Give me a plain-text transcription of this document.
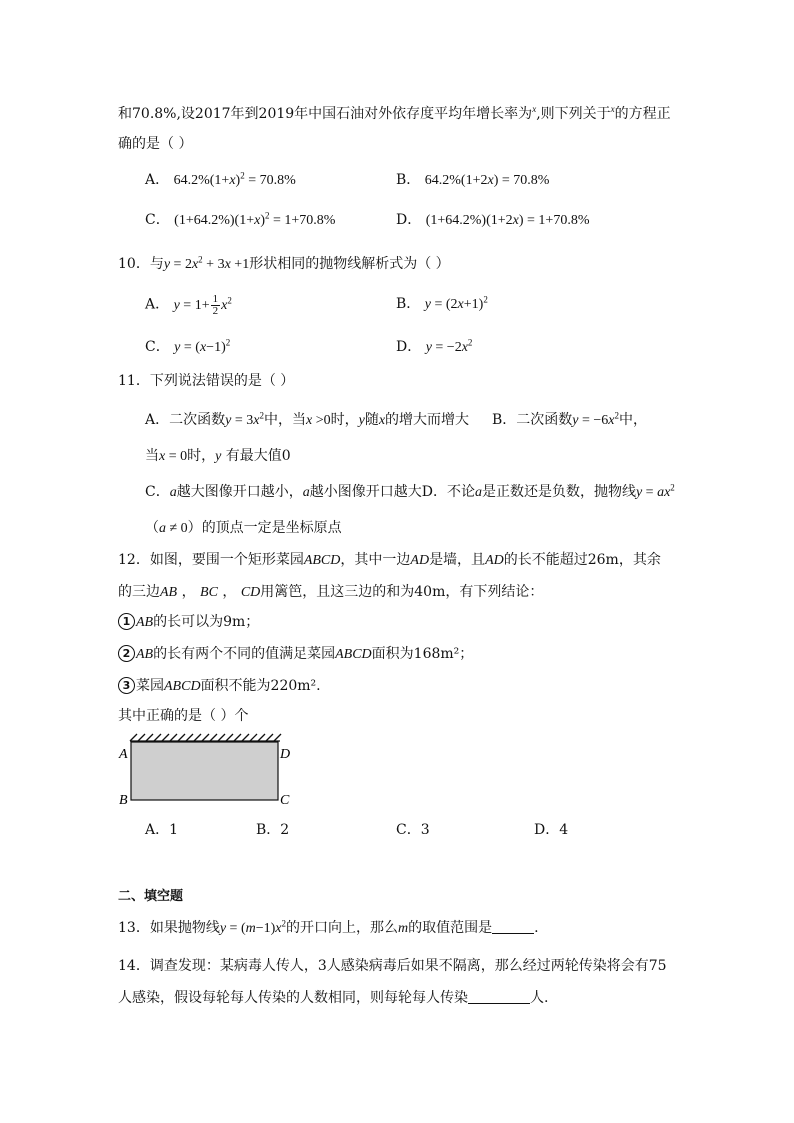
和70.8%,设2017年到2019年中国石油对外依存度平均年增长率为$^x$,则下列关于$^x$的方程正
确的是（ ）
A． $64.2\%(1+x)^2 = 70.8\%$	B． 64.2%(1+2x) = 70.8%
C． $(1+64.2\%)(1+x)^2 = 1+70.8\%$	D． (1+64.2%)(1+2x) = 1+70.8%
10．与$y = 2x^2 + 3x +1$形状相同的抛物线解析式为（ ）
A． $y = 1+ \frac{1}{2} x^2$	B． $y = (2x+1)^2$
C． $y = (x-1)^2$	D． $y = -2x^2$
11．下列说法错误的是（ ）
A．二次函数$y = 3x^2$中，当x >0时，y随x的增大而增大 B．二次函数$y = -6x^2$中，
当x = 0时，y 有最大值0
C．a越大图像开口越小，a越小图像开口越大D．不论a是正数还是负数，抛物线$y = ax^2$
（a ≠ 0）的顶点一定是坐标原点
12．如图，要围一个矩形菜园ABCD，其中一边AD是墙，且AD的长不能超过26m，其余
的三边AB ， BC ， CD用篱笆，且这三边的和为40m，有下列结论：
1 AB的长可以为9m；
2 AB的长有两个不同的值满足菜园ABCD面积为168m²；
3 菜园ABCD面积不能为220m².
其中正确的是（ ）个
A	D
B	C
A．1	B．2	C．3	D．4
二、填空题
13．如果抛物线$y = (m-1)x^2$的开口向上，那么m的取值范围是	.
14．调查发现：某病毒人传人，3人感染病毒后如果不隔离，那么经过两轮传染将会有75
人感染，假设每轮每人传染的人数相同，则每轮每人传染	人.
